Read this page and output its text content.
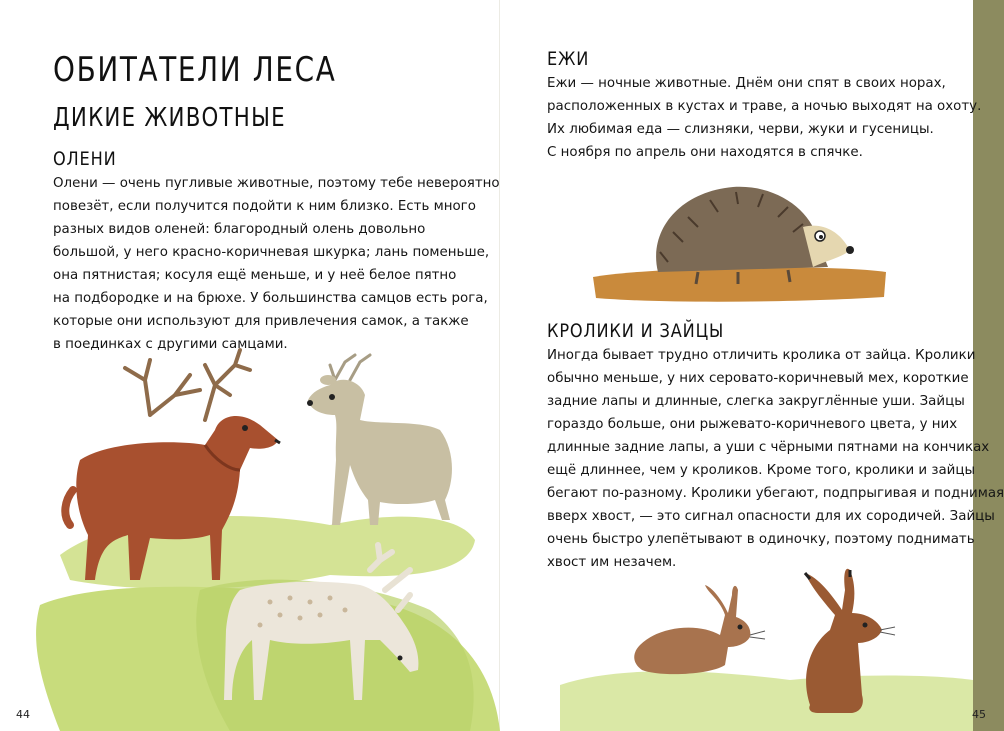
ОБИТАТЕЛИ ЛЕСА
ДИКИЕ ЖИВОТНЫЕ
ОЛЕНИ

Олени — очень пугливые животные, поэтому тебе невероятно
повезёт, если получится подойти к ним близко. Есть много
разных видов оленей: благородный олень довольно
большой, у него красно-коричневая шкурка; лань поменьше,
она пятнистая; косуля ещё меньше, и у неё белое пятно
на подбородке и на брюхе. У большинства самцов есть рога,
которые они используют для привлечения самок, а также
в поединках с другими самцами.

44
ЕЖИ

Ежи — ночные животные. Днём они спят в своих норах,
расположенных в кустах и траве, а ночью выходят на охоту.
Их любимая еда — слизняки, черви, жуки и гусеницы.
С ноября по апрель они находятся в спячке.

КРОЛИКИ И ЗАЙЦЫ

Иногда бывает трудно отличить кролика от зайца. Кролики
обычно меньше, у них серовато-коричневый мех, короткие
задние лапы и длинные, слегка закруглённые уши. Зайцы
гораздо больше, они рыжевато-коричневого цвета, у них
длинные задние лапы, а уши с чёрными пятнами на кончиках
ещё длиннее, чем у кроликов. Кроме того, кролики и зайцы
бегают по-разному. Кролики убегают, подпрыгивая и поднимая
вверх хвост, — это сигнал опасности для их сородичей. Зайцы
очень быстро улепётывают в одиночку, поэтому поднимать
хвост им незачем.

45
